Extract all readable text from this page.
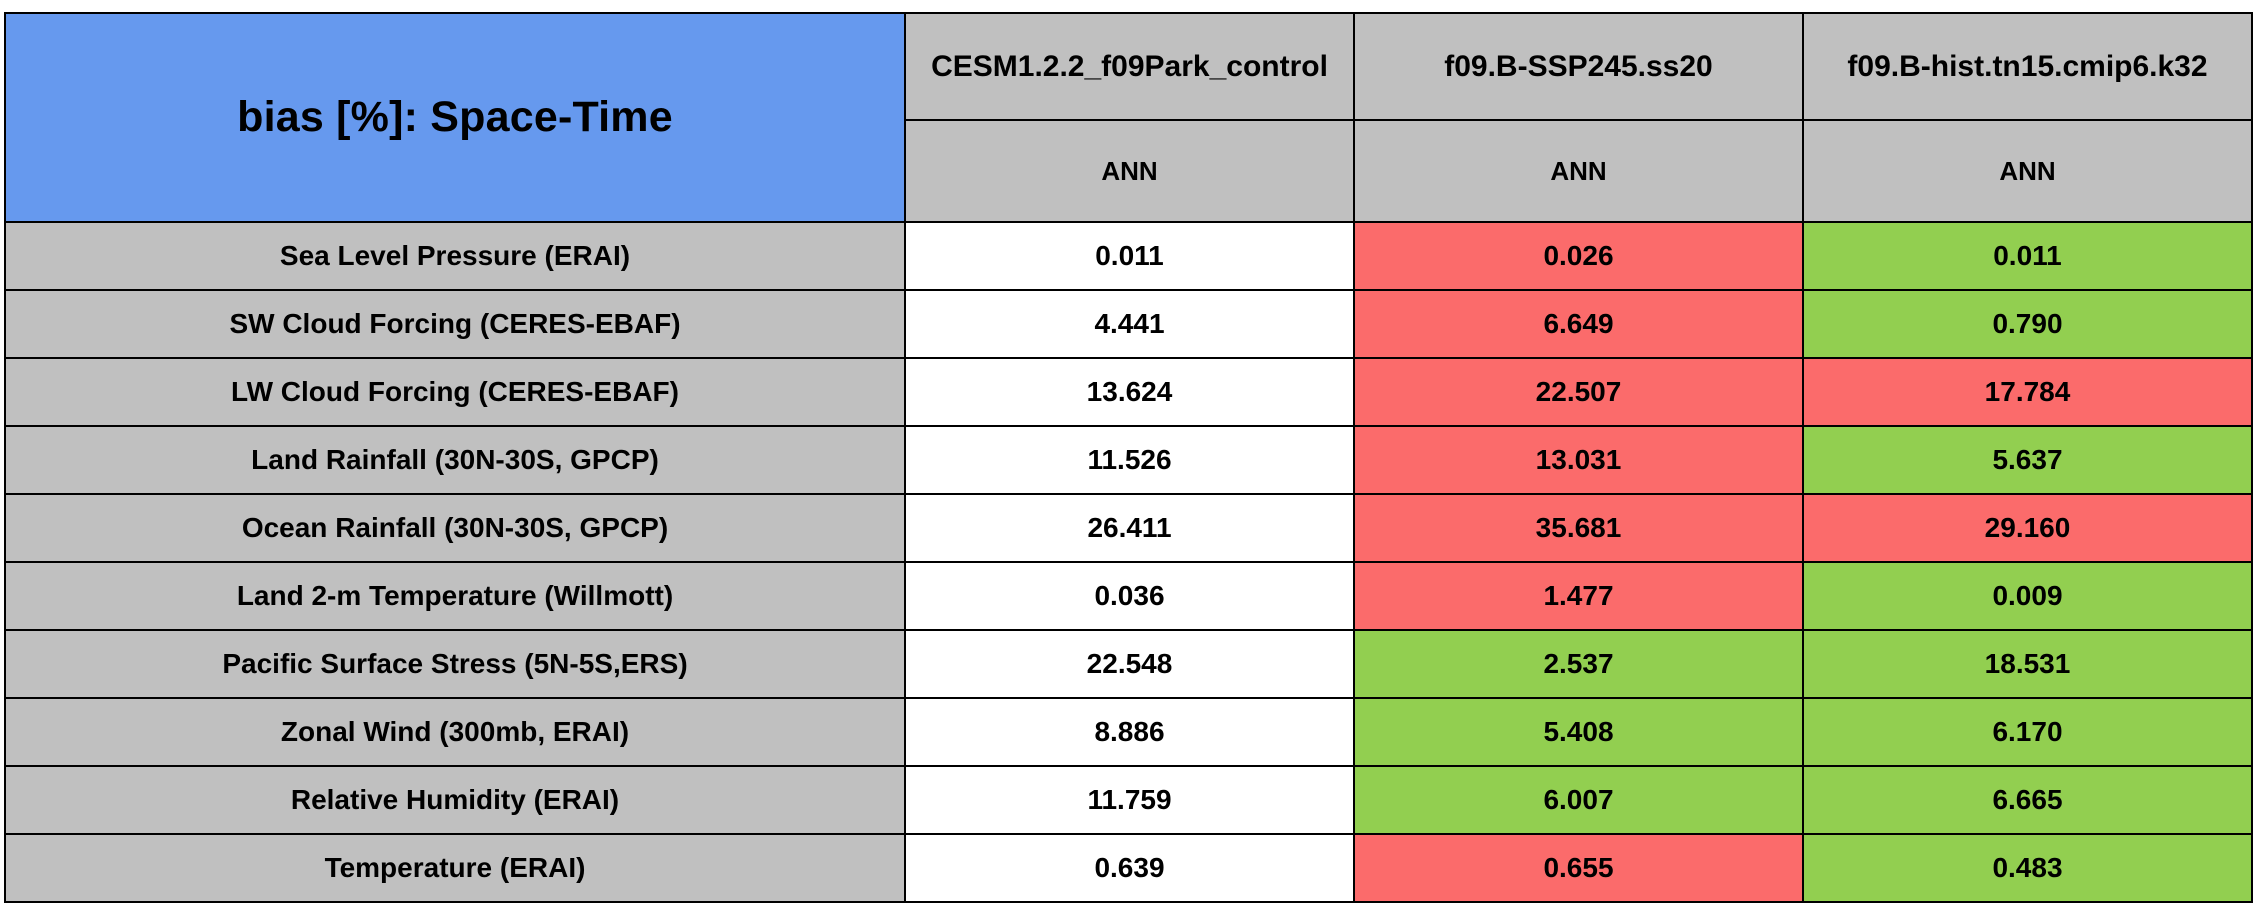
bias [%]: Space-Time	CESM1.2.2_f09Park_control	f09.B-SSP245.ss20	f09.B-hist.tn15.cmip6.k32

	ANN	ANN	ANN
Sea Level Pressure (ERAI)	0.011	0.026	0.011
SW Cloud Forcing (CERES-EBAF)	4.441	6.649	0.790
LW Cloud Forcing (CERES-EBAF)	13.624	22.507	17.784
Land Rainfall (30N-30S, GPCP)	11.526	13.031	5.637
Ocean Rainfall (30N-30S, GPCP)	26.411	35.681	29.160
Land 2-m Temperature (Willmott)	0.036	1.477	0.009
Pacific Surface Stress (5N-5S,ERS)	22.548	2.537	18.531
Zonal Wind (300mb, ERAI)	8.886	5.408	6.170
Relative Humidity (ERAI)	11.759	6.007	6.665
Temperature (ERAI)	0.639	0.655	0.483
